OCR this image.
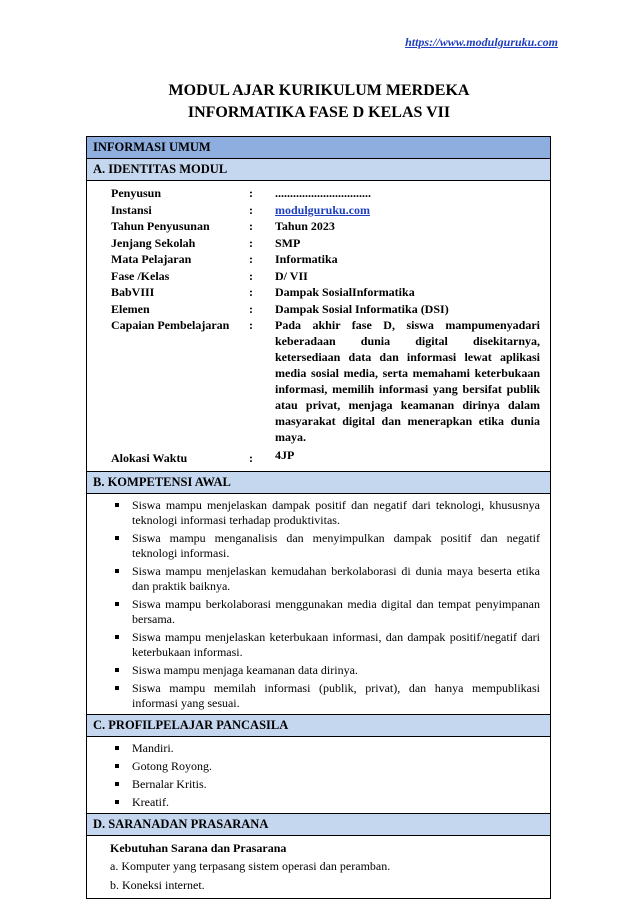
https://www.modulguruku.com
MODUL AJAR KURIKULUM MERDEKA
INFORMATIKA FASE D KELAS VII
INFORMASI UMUM
A. IDENTITAS MODUL
Penyusun	:	................................
Instansi	:	modulguruku.com
Tahun Penyusunan	:	Tahun 2023
Jenjang Sekolah	:	SMP
Mata Pelajaran	:	Informatika
Fase /Kelas	:	D/ VII
BabVIII	:	Dampak SosialInformatika
Elemen	:	Dampak Sosial Informatika (DSI)
Capaian Pembelajaran	:	Pada akhir fase D, siswa mampumenyadari keberadaan dunia digital disekitarnya, ketersediaan data dan informasi lewat aplikasi media sosial media, serta memahami keterbukaan informasi, memilih informasi yang bersifat publik atau privat, menjaga keamanan dirinya dalam masyarakat digital dan menerapkan etika dunia maya.
Alokasi Waktu	:	4JP
B. KOMPETENSI AWAL
Siswa mampu menjelaskan dampak positif dan negatif dari teknologi, khususnya teknologi informasi terhadap produktivitas.
Siswa mampu menganalisis dan menyimpulkan dampak positif dan negatif teknologi informasi.
Siswa mampu menjelaskan kemudahan berkolaborasi di dunia maya beserta etika dan praktik baiknya.
Siswa mampu berkolaborasi menggunakan media digital dan tempat penyimpanan bersama.
Siswa mampu menjelaskan keterbukaan informasi, dan dampak positif/negatif dari keterbukaan informasi.
Siswa mampu menjaga keamanan data dirinya.
Siswa mampu memilah informasi (publik, privat), dan hanya mempublikasi informasi yang sesuai.
C. PROFILPELAJAR PANCASILA
Mandiri.
Gotong Royong.
Bernalar Kritis.
Kreatif.
D. SARANADAN PRASARANA
Kebutuhan Sarana dan Prasarana
a. Komputer yang terpasang sistem operasi dan peramban.
b. Koneksi internet.
